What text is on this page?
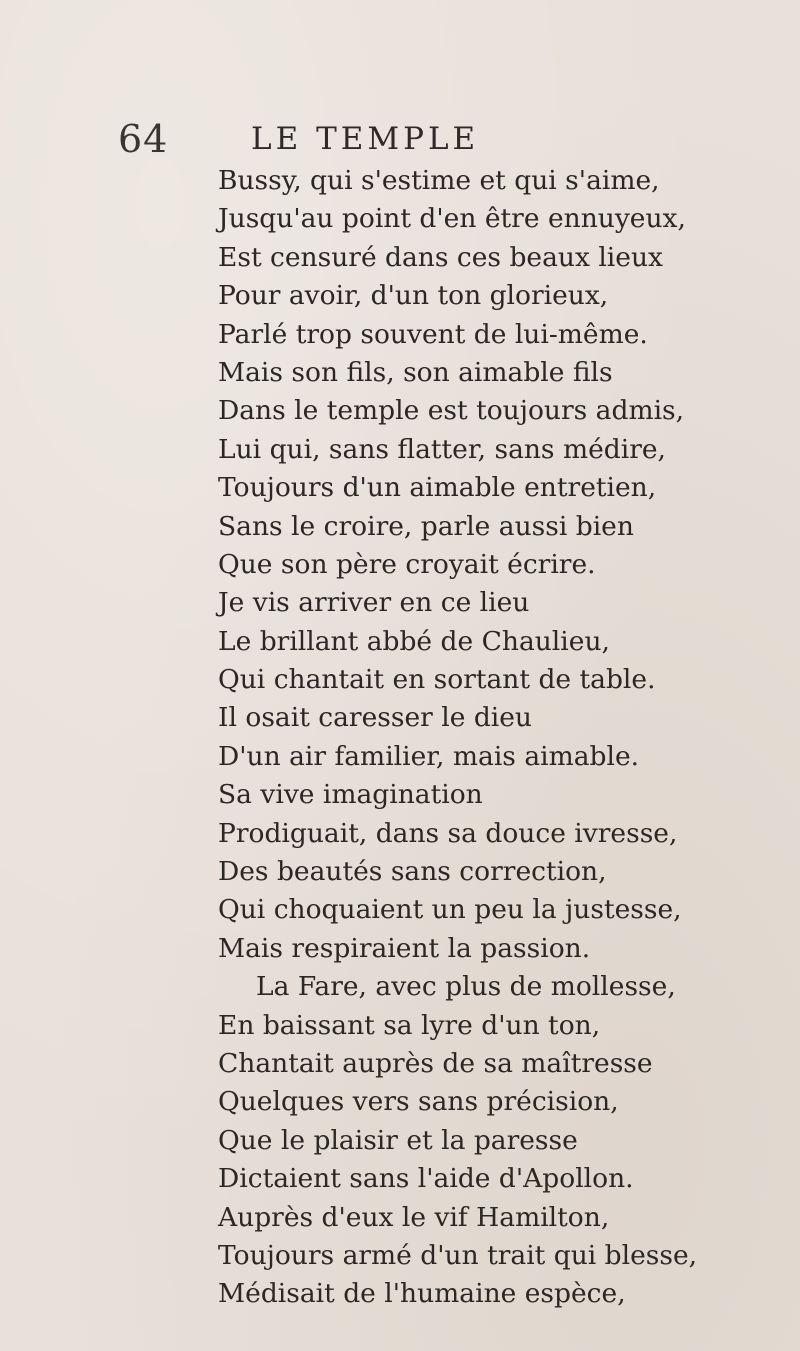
64	LE TEMPLE
Bussy, qui s'estime et qui s'aime,
Jusqu'au point d'en être ennuyeux,
Est censuré dans ces beaux lieux
Pour avoir, d'un ton glorieux,
Parlé trop souvent de lui-même.
Mais son fils, son aimable fils
Dans le temple est toujours admis,
Lui qui, sans flatter, sans médire,
Toujours d'un aimable entretien,
Sans le croire, parle aussi bien
Que son père croyait écrire.
Je vis arriver en ce lieu
Le brillant abbé de Chaulieu,
Qui chantait en sortant de table.
Il osait caresser le dieu
D'un air familier, mais aimable.
Sa vive imagination
Prodiguait, dans sa douce ivresse,
Des beautés sans correction,
Qui choquaient un peu la justesse,
Mais respiraient la passion.
La Fare, avec plus de mollesse,
En baissant sa lyre d'un ton,
Chantait auprès de sa maîtresse
Quelques vers sans précision,
Que le plaisir et la paresse
Dictaient sans l'aide d'Apollon.
Auprès d'eux le vif Hamilton,
Toujours armé d'un trait qui blesse,
Médisait de l'humaine espèce,
